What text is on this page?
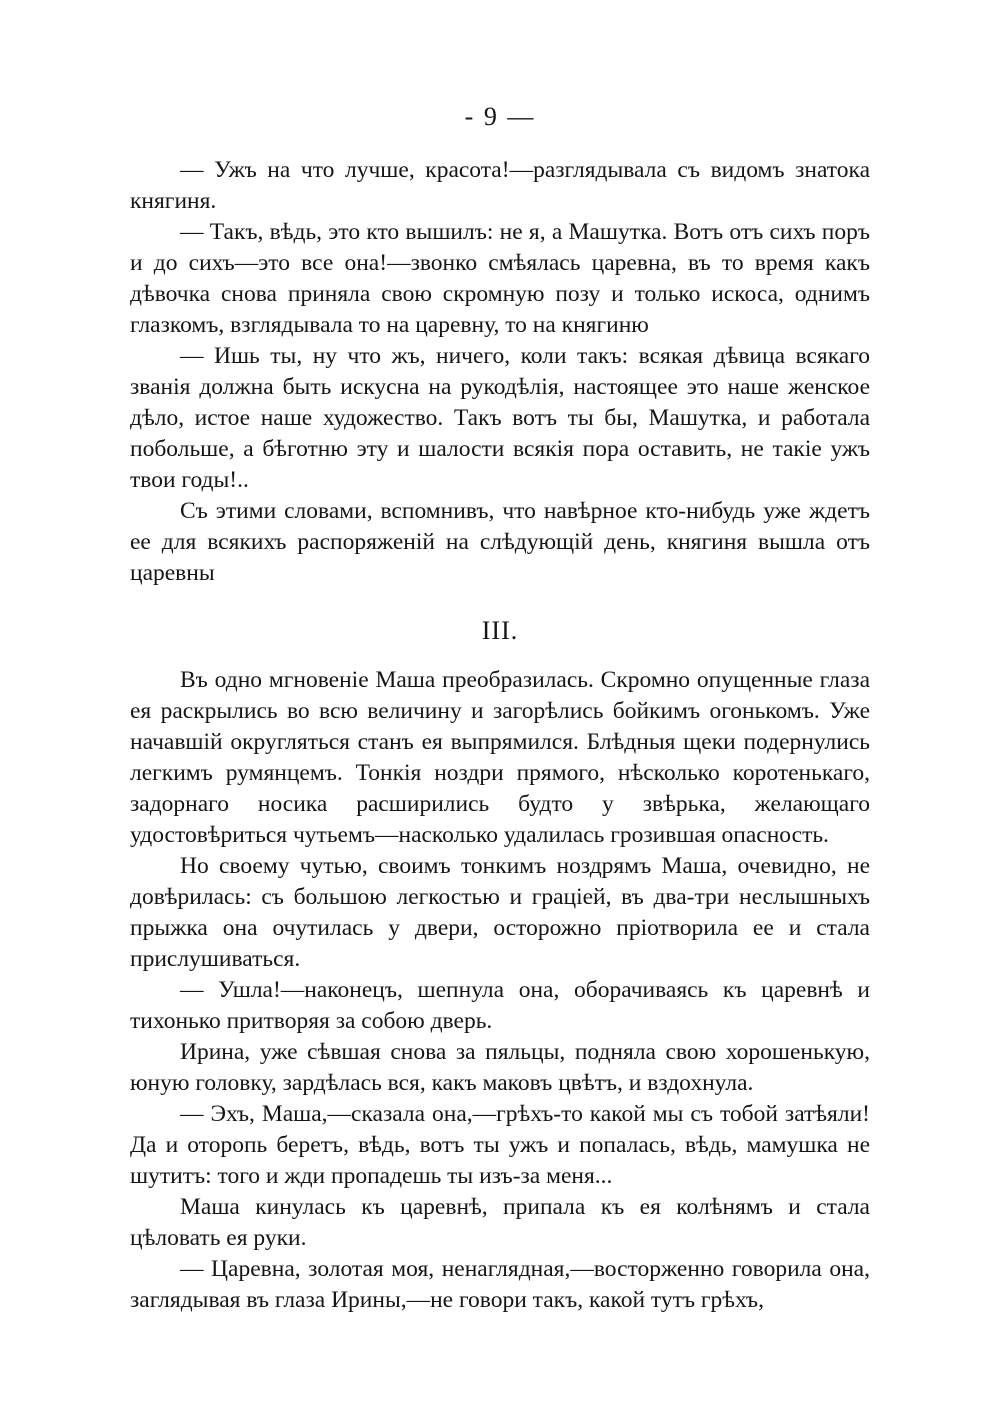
- 9 —

— Ужъ на что лучше, красота!—разглядывала съ видомъ знатока княгиня.

— Такъ, вѣдь, это кто вышилъ: не я, а Машутка. Вотъ отъ сихъ поръ и до сихъ—это все она!—звонко смѣялась царевна, въ то время какъ дѣвочка снова приняла свою скромную позу и только искоса, однимъ глазкомъ, взглядывала то на царевну, то на княгиню

— Ишь ты, ну что жъ, ничего, коли такъ: всякая дѣвица всякаго званія должна быть искусна на рукодѣлія, настоящее это наше женское дѣло, истое наше художество. Такъ вотъ ты бы, Машутка, и работала побольше, а бѣготню эту и шалости всякія пора оставить, не такіе ужъ твои годы!..

Съ этими словами, вспомнивъ, что навѣрное кто-нибудь уже ждетъ ее для всякихъ распоряженій на слѣдующій день, княгиня вышла отъ царевны

III.

Въ одно мгновеніе Маша преобразилась. Скромно опущенные глаза ея раскрылись во всю величину и загорѣлись бойкимъ огонькомъ. Уже начавшій округляться станъ ея выпрямился. Блѣдныя щеки подернулись легкимъ румянцемъ. Тонкія ноздри прямого, нѣсколько коротенькаго, задорнаго носика расширились будто у звѣрька, желающаго удостовѣриться чутьемъ—насколько удалилась грозившая опасность.

Но своему чутью, своимъ тонкимъ ноздрямъ Маша, очевидно, не довѣрилась: съ большою легкостью и граціей, въ два-три неслышныхъ прыжка она очутилась у двери, осторожно пріотворила ее и стала прислушиваться.

— Ушла!—наконецъ, шепнула она, оборачиваясь къ царевнѣ и тихонько притворяя за собою дверь.

Ирина, уже сѣвшая снова за пяльцы, подняла свою хорошенькую, юную головку, зардѣлась вся, какъ маковъ цвѣтъ, и вздохнула.

— Эхъ, Маша,—сказала она,—грѣхъ-то какой мы съ тобой затѣяли! Да и оторопь беретъ, вѣдь, вотъ ты ужъ и попалась, вѣдь, мамушка не шутитъ: того и жди пропадешь ты изъ-за меня...

Маша кинулась къ царевнѣ, припала къ ея колѣнямъ и стала цѣловать ея руки.

— Царевна, золотая моя, ненаглядная,—восторженно говорила она, заглядывая въ глаза Ирины,—не говори такъ, какой тутъ грѣхъ,
